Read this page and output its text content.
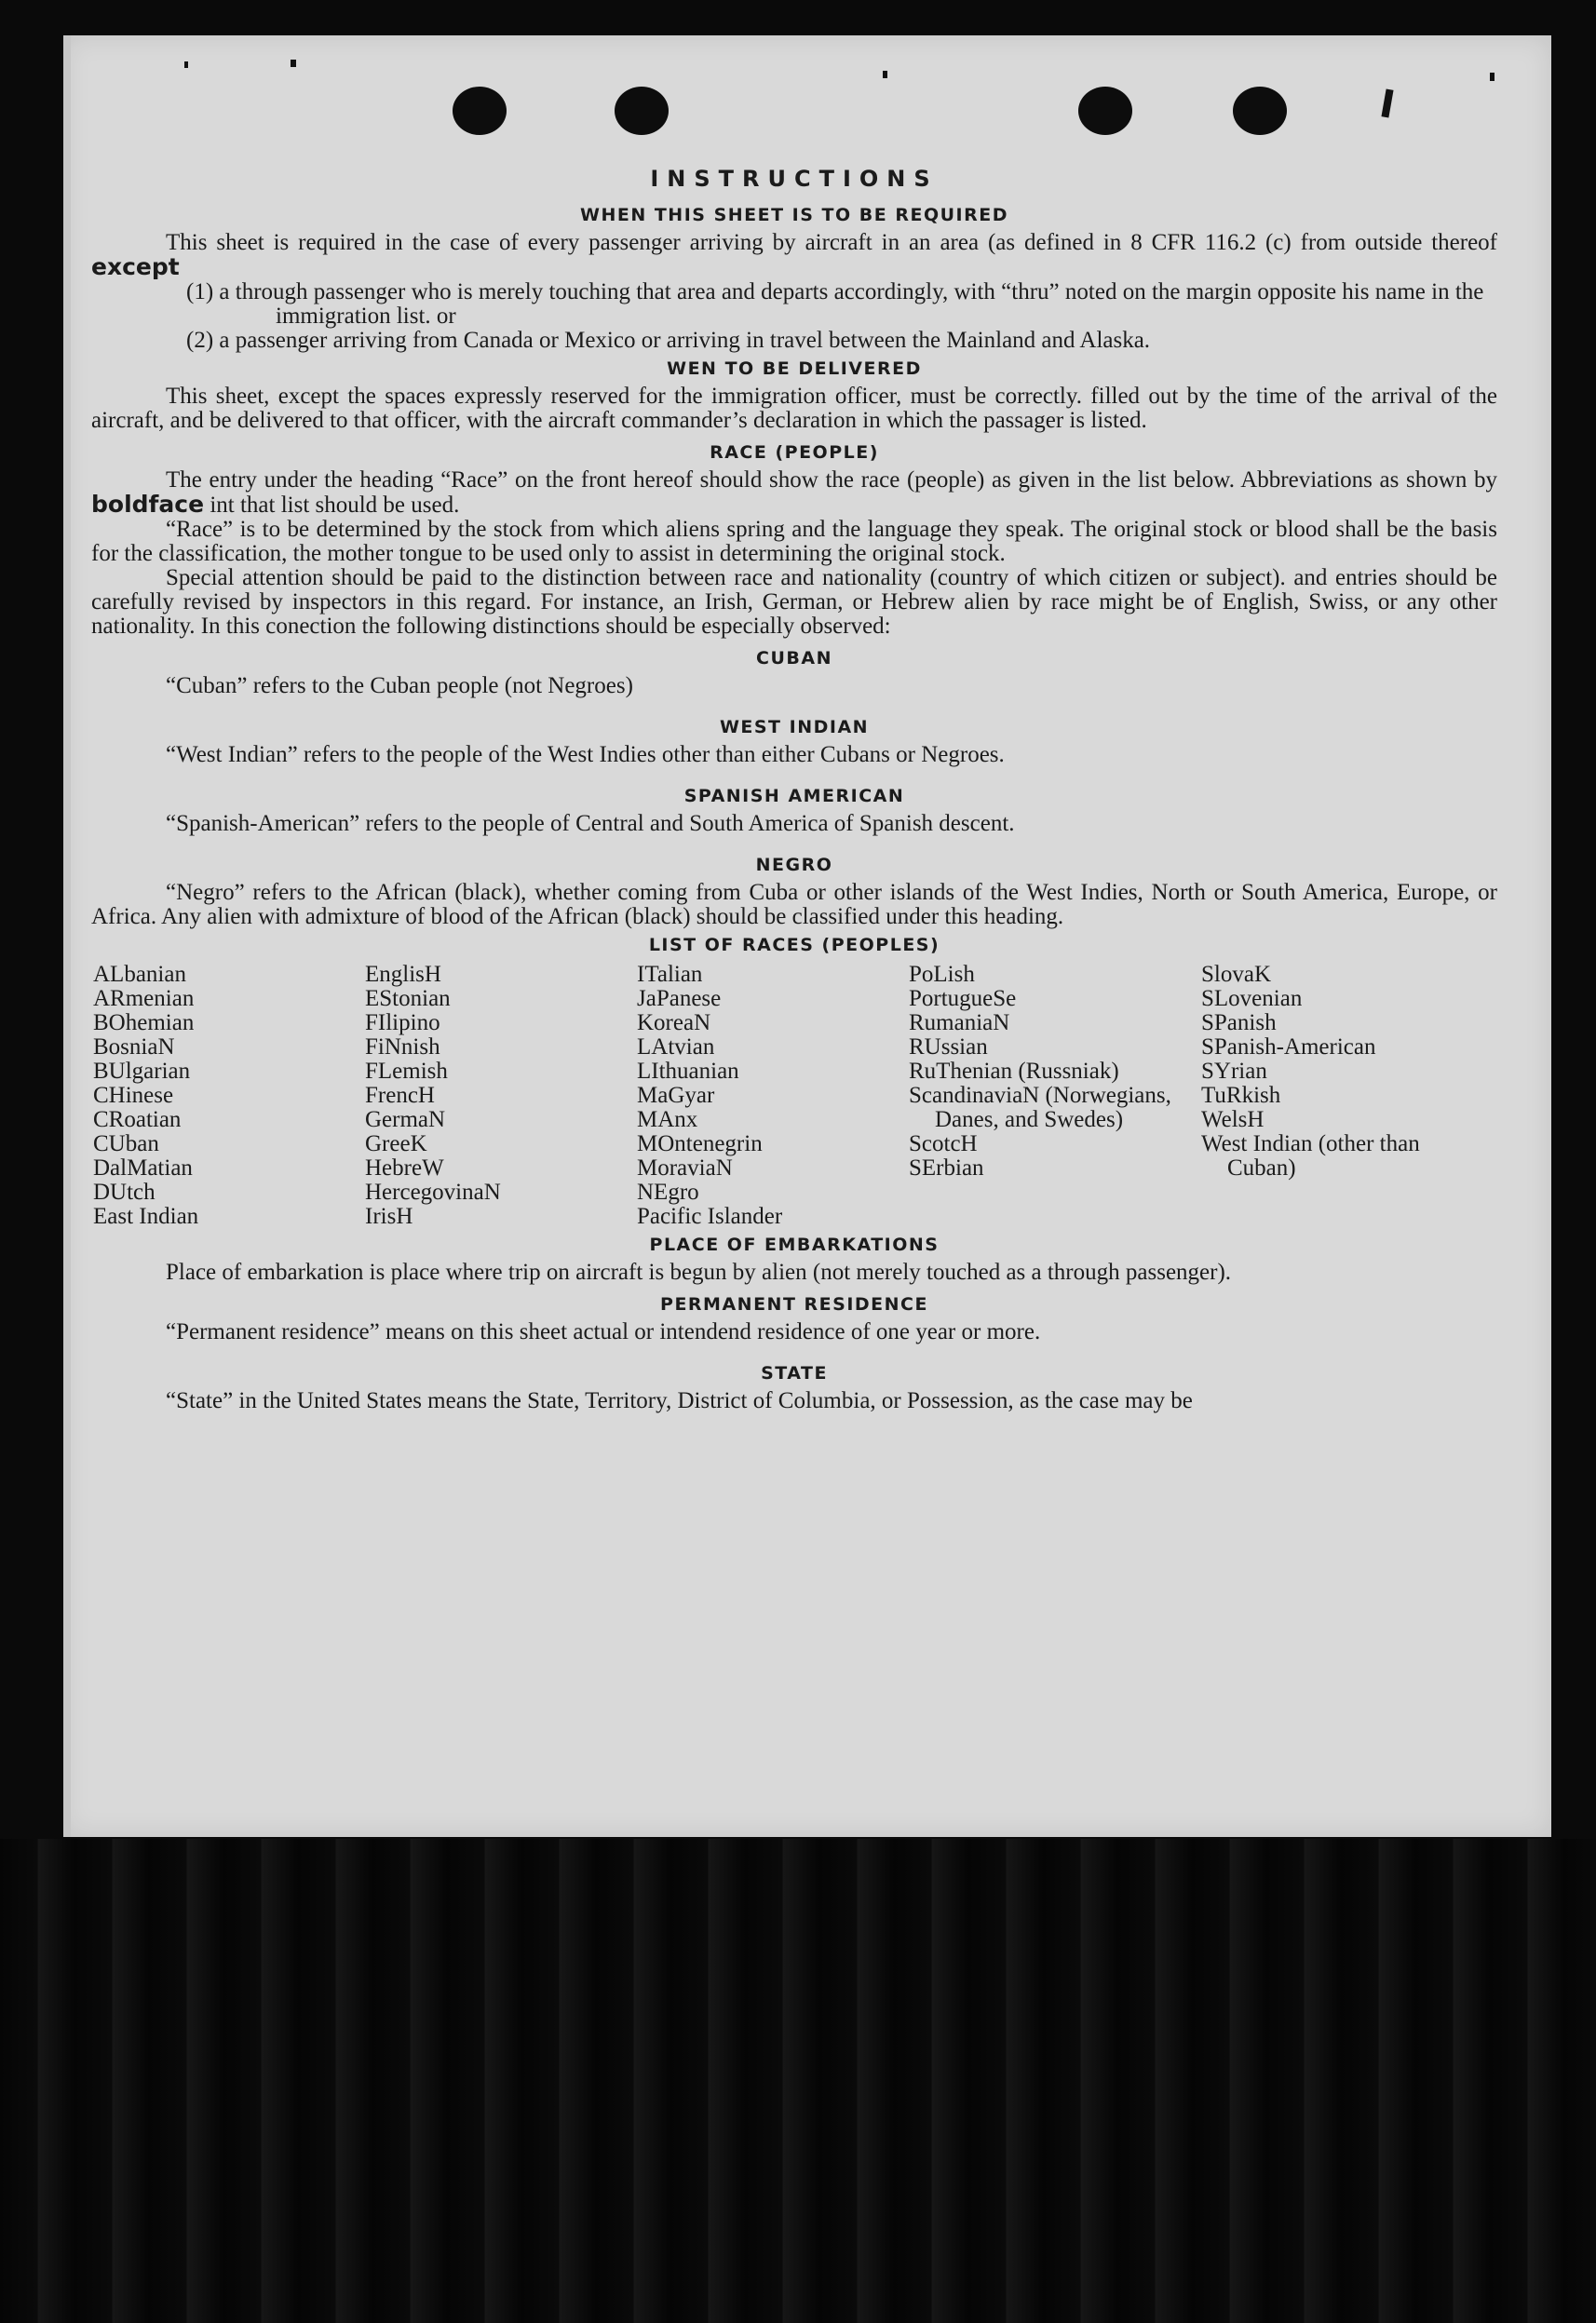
INSTRUCTIONS
WHEN THIS SHEET IS TO BE REQUIRED

This sheet is required in the case of every passenger arriving by aircraft in an area (as defined in 8 CFR 116.2 (c) from outside thereof except

(1) a through passenger who is merely touching that area and departs accordingly, with “thru” noted on the margin opposite his name in the immigration list. or
(2) a passenger arriving from Canada or Mexico or arriving in travel between the Mainland and Alaska.
WEN TO BE DELIVERED

This sheet, except the spaces expressly reserved for the immigration officer, must be correctly. filled out by the time of the arrival of the aircraft, and be delivered to that officer, with the aircraft commander’s declaration in which the passager is listed.

RACE (PEOPLE)

The entry under the heading “Race” on the front hereof should show the race (people) as given in the list below. Abbreviations as shown by boldface int that list should be used.

“Race” is to be determined by the stock from which aliens spring and the language they speak. The original stock or blood shall be the basis for the classification, the mother tongue to be used only to assist in determining the original stock.

Special attention should be paid to the distinction between race and nationality (country of which citizen or subject). and entries should be carefully revised by inspectors in this regard. For instance, an Irish, German, or Hebrew alien by race might be of English, Swiss, or any other nationality. In this conection the following distinctions should be especially observed:

CUBAN

“Cuban” refers to the Cuban people (not Negroes)

WEST INDIAN

“West Indian” refers to the people of the West Indies other than either Cubans or Negroes.

SPANISH AMERICAN

“Spanish-American” refers to the people of Central and South America of Spanish descent.

NEGRO

“Negro” refers to the African (black), whether coming from Cuba or other islands of the West Indies, North or South America, Europe, or Africa. Any alien with admixture of blood of the African (black) should be classified under this heading.

LIST OF RACES (PEOPLES)
ALbanian
ARmenian
BOhemian
BosniaN
BUlgarian
CHinese
CRoatian
CUban
DalMatian
DUtch
East Indian
EnglisH
EStonian
FIlipino
FiNnish
FLemish
FrencH
GermaN
GreeK
HebreW
HercegovinaN
IrisH
ITalian
JaPanese
KoreaN
LAtvian
LIthuanian
MaGyar
MAnx
MOntenegrin
MoraviaN
NEgro
Pacific Islander
PoLish
PortugueSe
RumaniaN
RUssian
RuThenian (Russniak)
ScandinaviaN (Norwegians, Danes, and Swedes)
ScotcH
SErbian
SlovaK
SLovenian
SPanish
SPanish-American
SYrian
TuRkish
WelsH
West Indian (other than Cuban)
PLACE OF EMBARKATIONS

Place of embarkation is place where trip on aircraft is begun by alien (not merely touched as a through passenger).

PERMANENT RESIDENCE

“Permanent residence” means on this sheet actual or intendend residence of one year or more.

STATE

“State” in the United States means the State, Territory, District of Columbia, or Possession, as the case may be
